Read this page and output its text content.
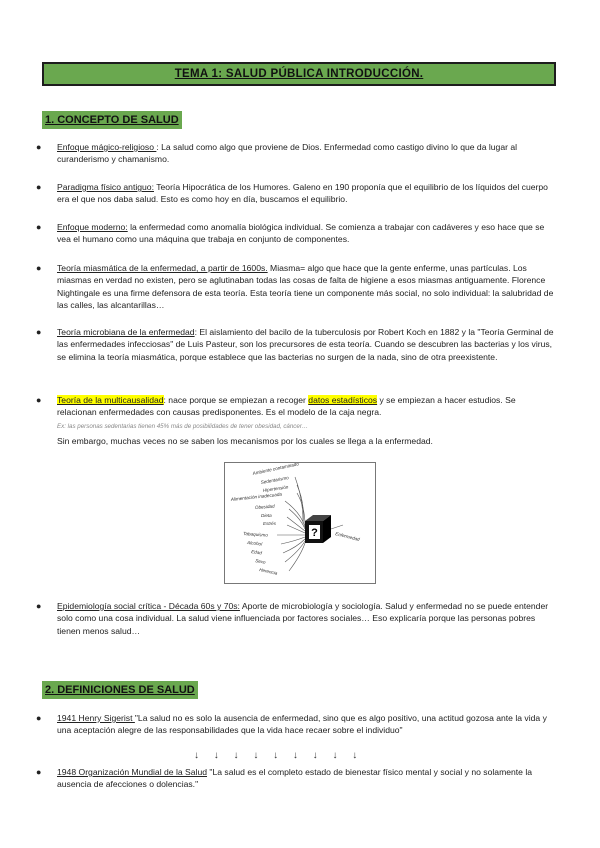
TEMA 1: SALUD PÚBLICA INTRODUCCIÓN.
1. CONCEPTO DE SALUD
● Enfoque mágico-religioso : La salud como algo que proviene de Dios. Enfermedad como castigo divino lo que da lugar al curanderismo y chamanismo.
● Paradigma físico antiguo: Teoría Hipocrática de los Humores. Galeno en 190 proponía que el equilibrio de los líquidos del cuerpo era el que nos daba salud. Esto es como hoy en día, buscamos el equilibrio.
● Enfoque moderno: la enfermedad como anomalía biológica individual. Se comienza a trabajar con cadáveres y eso hace que se vea el humano como una máquina que trabaja en conjunto de componentes.
● Teoría miasmática de la enfermedad, a partir de 1600s. Miasma= algo que hace que la gente enferme, unas partículas. Los miasmas en verdad no existen, pero se aglutinaban todas las cosas de falta de higiene a esos miasmas antiguamente. Florence Nightingale es una firme defensora de esta teoría. Esta teoría tiene un componente más social, no solo individual: la salubridad de las calles, las alcantarillas…
● Teoría microbiana de la enfermedad: El aislamiento del bacilo de la tuberculosis por Robert Koch en 1882 y la "Teoría Germinal de las enfermedades infecciosas" de Luis Pasteur, son los precursores de esta teoría. Cuando se descubren las bacterias y los virus, se elimina la teoría miasmática, porque establece que las bacterias no surgen de la nada, sino de otra preexistente.
● Teoría de la multicausalidad: nace porque se empiezan a recoger datos estadísticos y se empiezan a hacer estudios. Se relacionan enfermedades con causas predisponentes. Es el modelo de la caja negra.
Ex: las personas sedentarias tienen 45% más de posibilidades de tener obesidad, cáncer…
Sin embargo, muchas veces no se saben los mecanismos por los cuales se llega a la enfermedad.
Ambiente contaminado
Sedentarismo
Hipertensión
Alimentación inadecuada
Obesidad
Dieta
Estrés
Tabaquismo
Alcohol
Edad
Sexo
Herencia
?	Enfermedad
● Epidemiología social crítica - Década 60s y 70s: Aporte de microbiología y sociología. Salud y enfermedad no se puede entender solo como una cosa individual. La salud viene influenciada por factores sociales… Eso explicaría porque las personas pobres tienen menos salud…
2. DEFINICIONES DE SALUD
● 1941 Henry Sigerist "La salud no es solo la ausencia de enfermedad, sino que es algo positivo, una actitud gozosa ante la vida y una aceptación alegre de las responsabilidades que la vida hace recaer sobre el individuo"
↓ ↓ ↓ ↓ ↓ ↓ ↓ ↓ ↓
● 1948 Organización Mundial de la Salud "La salud es el completo estado de bienestar físico mental y social y no solamente la ausencia de afecciones o dolencias."
